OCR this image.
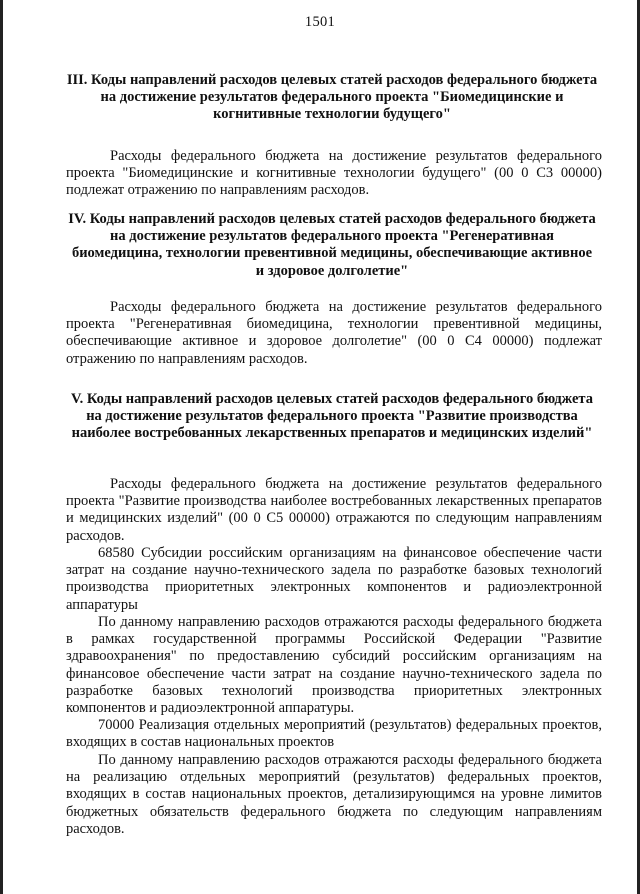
1501
III. Коды направлений расходов целевых статей расходов федерального бюджета на достижение результатов федерального проекта "Биомедицинские и когнитивные технологии будущего"
Расходы федерального бюджета на достижение результатов федерального проекта "Биомедицинские и когнитивные технологии будущего" (00 0 С3 00000) подлежат отражению по направлениям расходов.
IV. Коды направлений расходов целевых статей расходов федерального бюджета на достижение результатов федерального проекта "Регенеративная биомедицина, технологии превентивной медицины, обеспечивающие активное и здоровое долголетие"
Расходы федерального бюджета на достижение результатов федерального проекта "Регенеративная биомедицина, технологии превентивной медицины, обеспечивающие активное и здоровое долголетие" (00 0 С4 00000) подлежат отражению по направлениям расходов.
V. Коды направлений расходов целевых статей расходов федерального бюджета на достижение результатов федерального проекта "Развитие производства наиболее востребованных лекарственных препаратов и медицинских изделий"
Расходы федерального бюджета на достижение результатов федерального проекта "Развитие производства наиболее востребованных лекарственных препаратов и медицинских изделий" (00 0 С5 00000) отражаются по следующим направлениям расходов.
68580 Субсидии российским организациям на финансовое обеспечение части затрат на создание научно-технического задела по разработке базовых технологий производства приоритетных электронных компонентов и радиоэлектронной аппаратуры
По данному направлению расходов отражаются расходы федерального бюджета в рамках государственной программы Российской Федерации "Развитие здравоохранения" по предоставлению субсидий российским организациям на финансовое обеспечение части затрат на создание научно-технического задела по разработке базовых технологий производства приоритетных электронных компонентов и радиоэлектронной аппаратуры.
70000 Реализация отдельных мероприятий (результатов) федеральных проектов, входящих в состав национальных проектов
По данному направлению расходов отражаются расходы федерального бюджета на реализацию отдельных мероприятий (результатов) федеральных проектов, входящих в состав национальных проектов, детализирующимся на уровне лимитов бюджетных обязательств федерального бюджета по следующим направлениям расходов.
